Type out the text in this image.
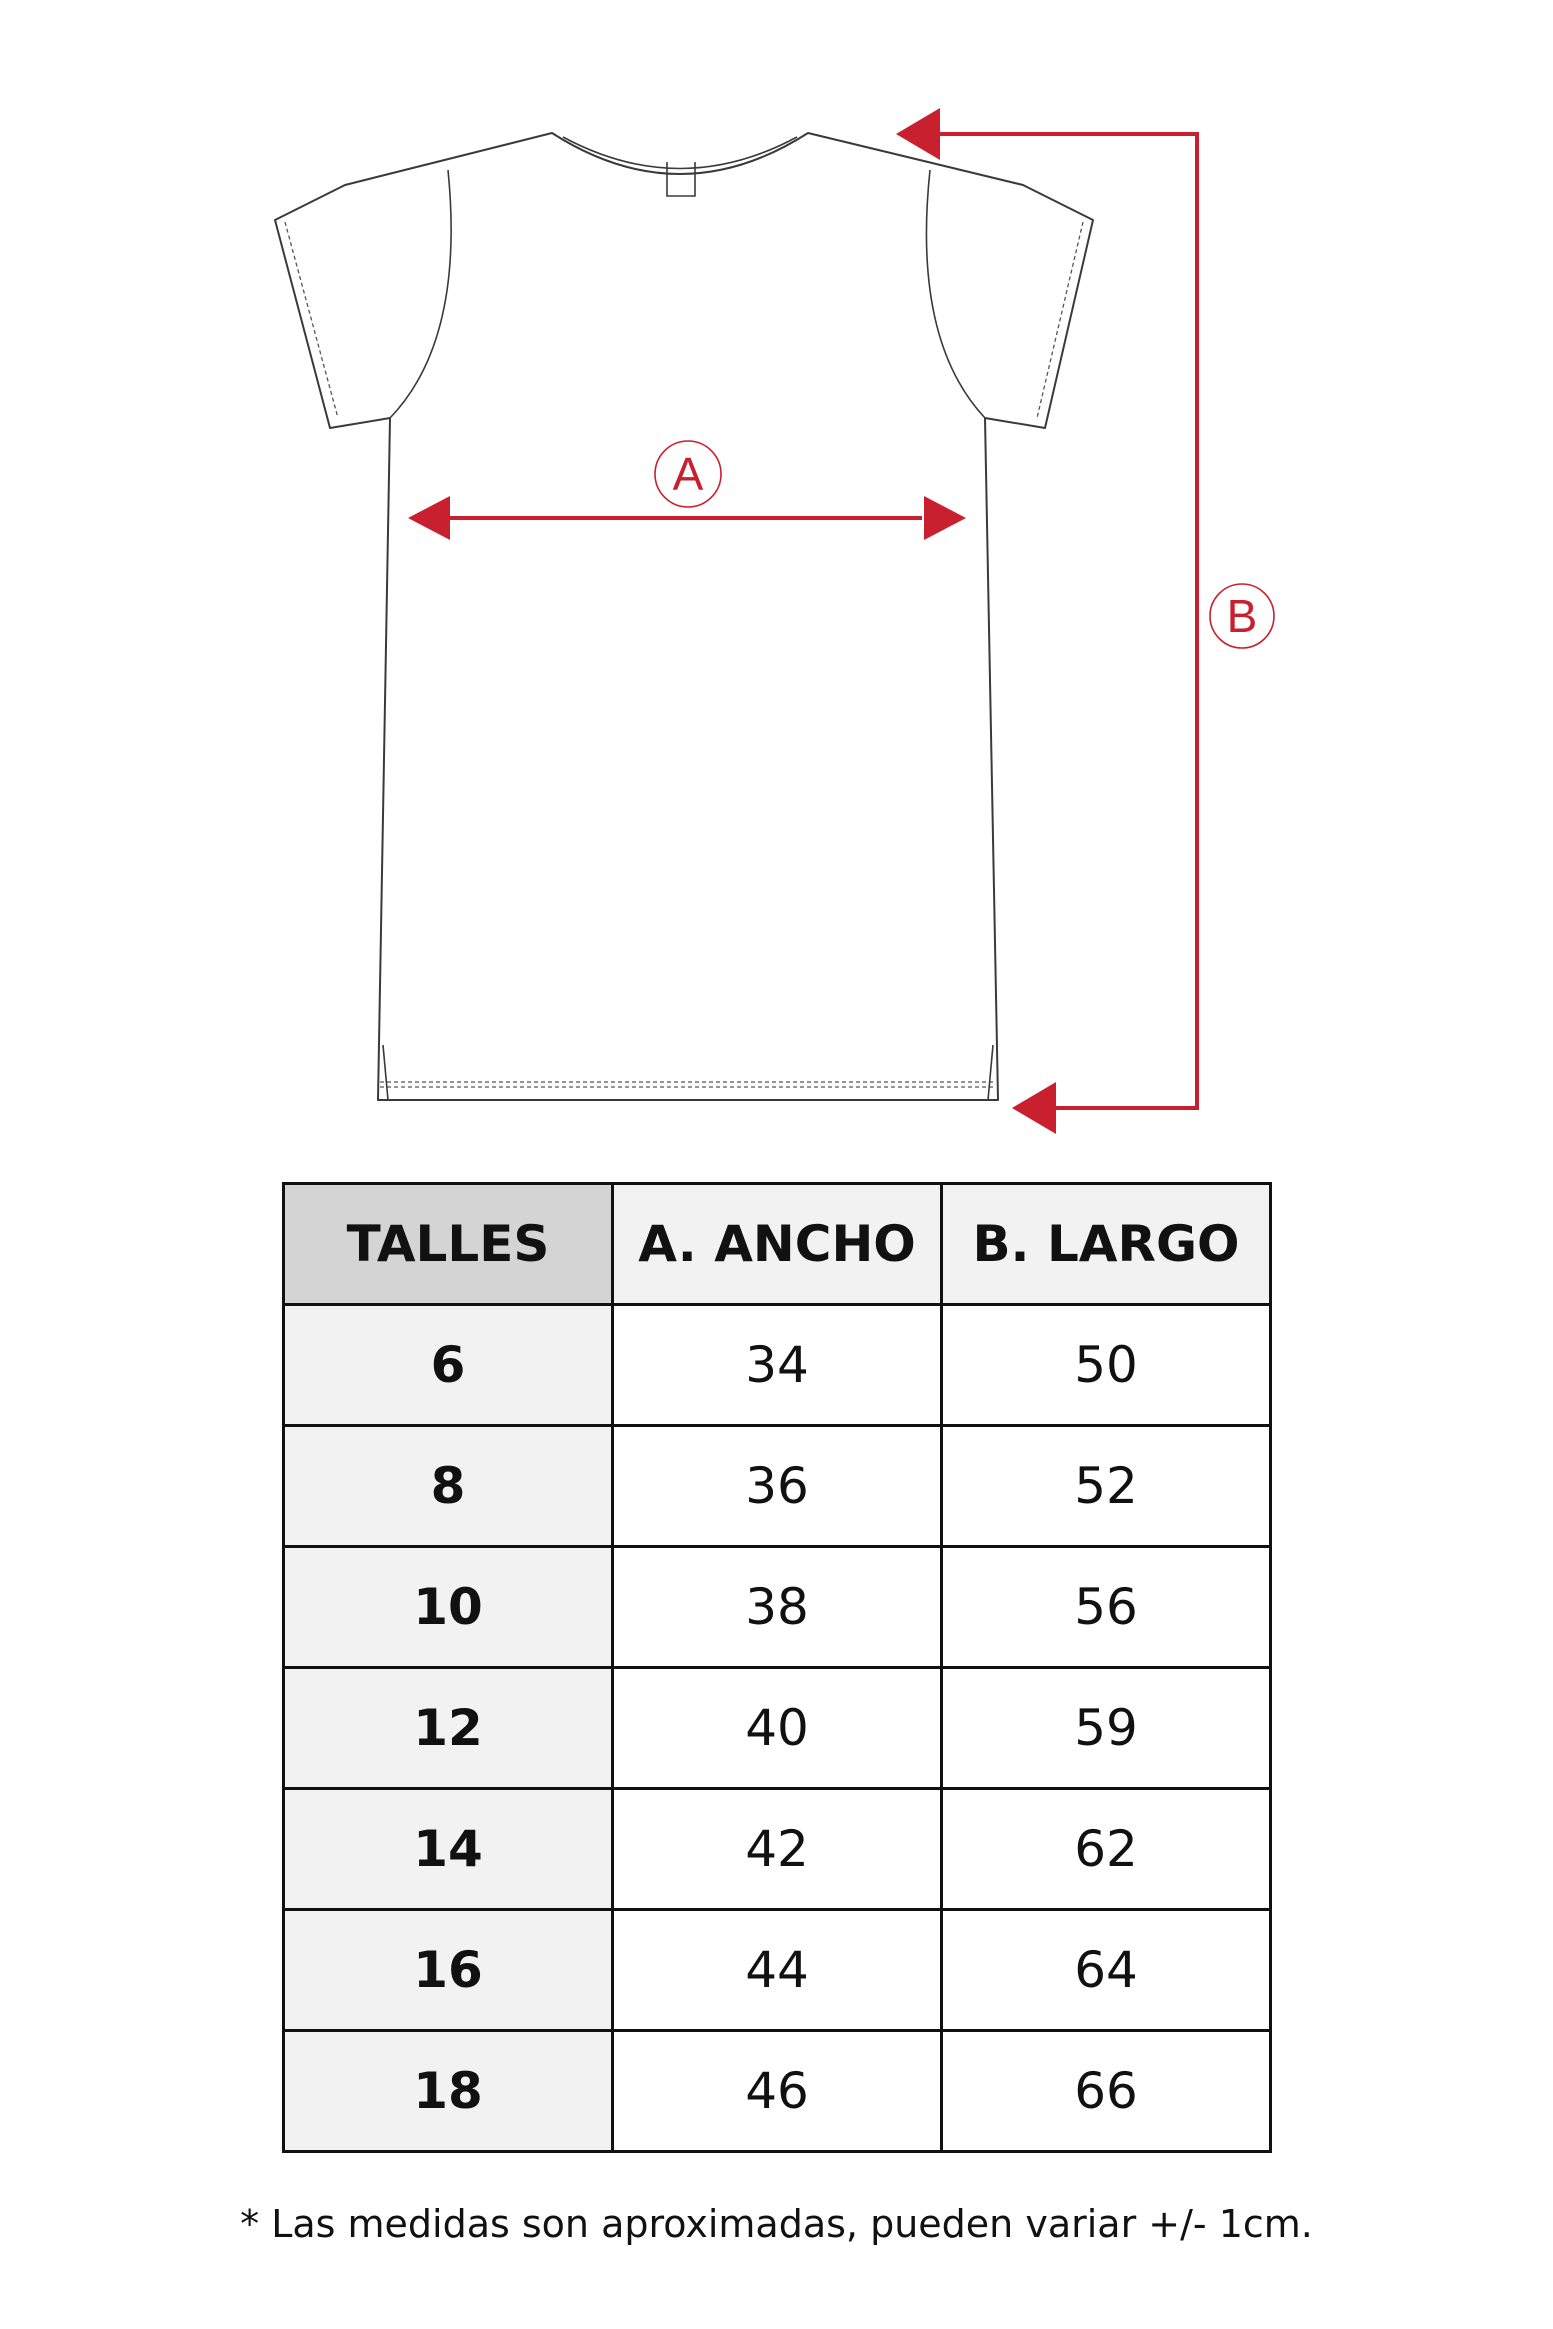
A
B
TALLES	A. ANCHO	B. LARGO
6	34	50
8	36	52
10	38	56
12	40	59
14	42	62
16	44	64
18	46	66
* Las medidas son aproximadas, pueden variar +/- 1cm.
